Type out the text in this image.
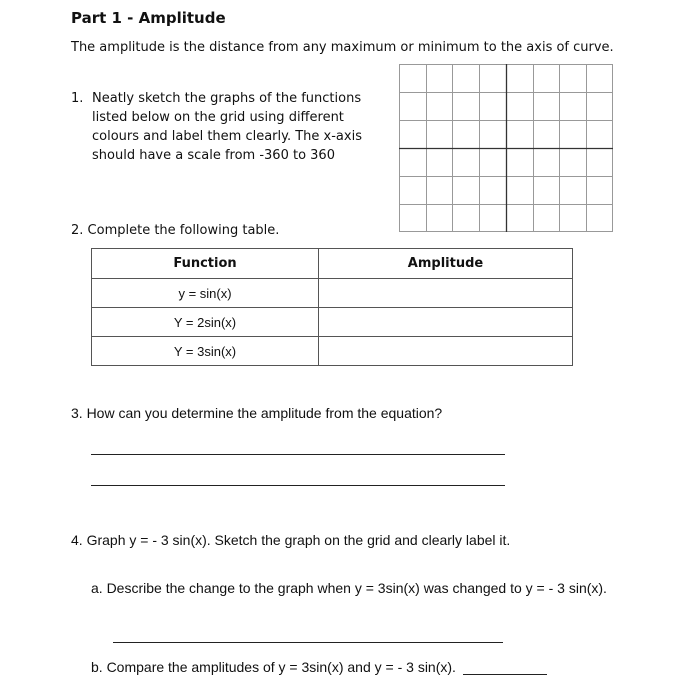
Part 1 - Amplitude
The amplitude is the distance from any maximum or minimum to the axis of curve.
1. Neatly sketch the graphs of the functions listed below on the grid using different colours and label them clearly. The x-axis should have a scale from -360 to 360
2. Complete the following table.
Function	Amplitude
y = sin(x)	
Y = 2sin(x)	
Y = 3sin(x)	
3. How can you determine the amplitude from the equation?
4. Graph y = - 3 sin(x). Sketch the graph on the grid and clearly label it.
a. Describe the change to the graph when y = 3sin(x) was changed to y = - 3 sin(x).
b. Compare the amplitudes of y = 3sin(x) and y = - 3 sin(x).
